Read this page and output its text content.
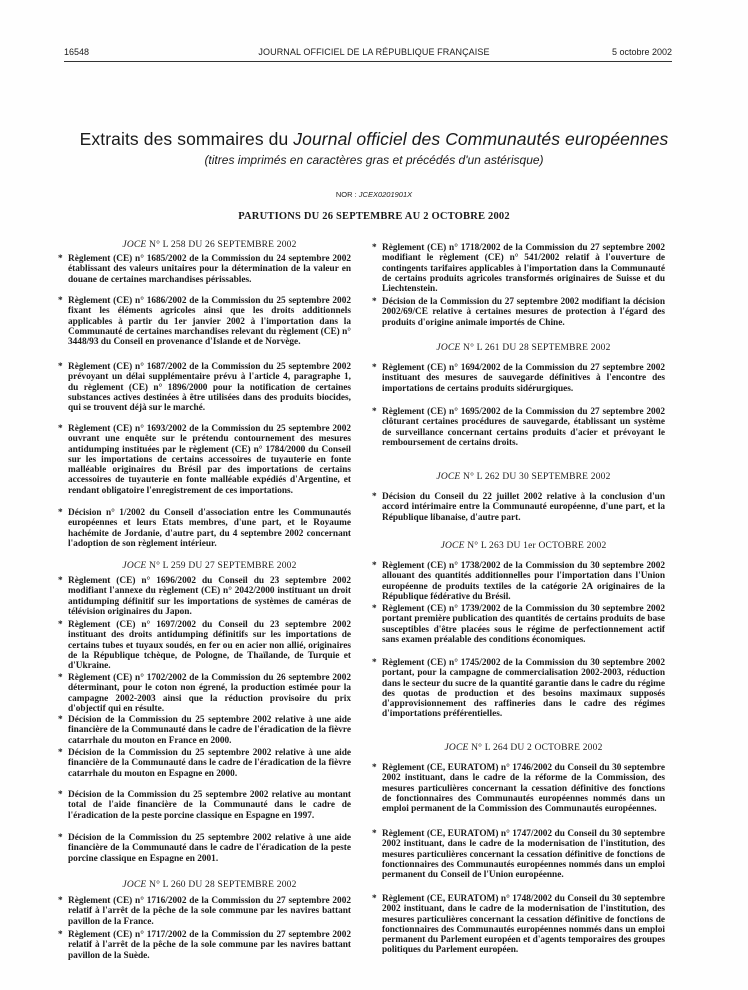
16548	JOURNAL OFFICIEL DE LA RÉPUBLIQUE FRANÇAISE	5 octobre 2002
Extraits des sommaires du Journal officiel des Communautés européennes
(titres imprimés en caractères gras et précédés d'un astérisque)
NOR : JCEX0201901X
PARUTIONS DU 26 SEPTEMBRE AU 2 OCTOBRE 2002
JOCE N° L 258 DU 26 SEPTEMBRE 2002
* Règlement (CE) n° 1685/2002 de la Commission du 24 septembre 2002 établissant des valeurs unitaires pour la détermination de la valeur en douane de certaines marchandises périssables.
* Règlement (CE) n° 1686/2002 de la Commission du 25 septembre 2002 fixant les éléments agricoles ainsi que les droits additionnels applicables à partir du 1er janvier 2002 à l'importation dans la Communauté de certaines marchandises relevant du règlement (CE) n° 3448/93 du Conseil en provenance d'Islande et de Norvège.
* Règlement (CE) n° 1687/2002 de la Commission du 25 septembre 2002 prévoyant un délai supplémentaire prévu à l'article 4, paragraphe 1, du règlement (CE) n° 1896/2000 pour la notification de certaines substances actives destinées à être utilisées dans des produits biocides, qui se trouvent déjà sur le marché.
* Règlement (CE) n° 1693/2002 de la Commission du 25 septembre 2002 ouvrant une enquête sur le prétendu contournement des mesures antidumping instituées par le règlement (CE) n° 1784/2000 du Conseil sur les importations de certains accessoires de tuyauterie en fonte malléable originaires du Brésil par des importations de certains accessoires de tuyauterie en fonte malléable expédiés d'Argentine, et rendant obligatoire l'enregistrement de ces importations.
* Décision n° 1/2002 du Conseil d'association entre les Communautés européennes et leurs Etats membres, d'une part, et le Royaume hachémite de Jordanie, d'autre part, du 4 septembre 2002 concernant l'adoption de son règlement intérieur.
JOCE N° L 259 DU 27 SEPTEMBRE 2002
* Règlement (CE) n° 1696/2002 du Conseil du 23 septembre 2002 modifiant l'annexe du règlement (CE) n° 2042/2000 instituant un droit antidumping définitif sur les importations de systèmes de caméras de télévision originaires du Japon.
* Règlement (CE) n° 1697/2002 du Conseil du 23 septembre 2002 instituant des droits antidumping définitifs sur les importations de certains tubes et tuyaux soudés, en fer ou en acier non allié, originaires de la République tchèque, de Pologne, de Thaïlande, de Turquie et d'Ukraine.
* Règlement (CE) n° 1702/2002 de la Commission du 26 septembre 2002 déterminant, pour le coton non égrené, la production estimée pour la campagne 2002-2003 ainsi que la réduction provisoire du prix d'objectif qui en résulte.
* Décision de la Commission du 25 septembre 2002 relative à une aide financière de la Communauté dans le cadre de l'éradication de la fièvre catarrhale du mouton en France en 2000.
* Décision de la Commission du 25 septembre 2002 relative à une aide financière de la Communauté dans le cadre de l'éradication de la fièvre catarrhale du mouton en Espagne en 2000.
* Décision de la Commission du 25 septembre 2002 relative au montant total de l'aide financière de la Communauté dans le cadre de l'éradication de la peste porcine classique en Espagne en 1997.
* Décision de la Commission du 25 septembre 2002 relative à une aide financière de la Communauté dans le cadre de l'éradication de la peste porcine classique en Espagne en 2001.
JOCE N° L 260 DU 28 SEPTEMBRE 2002
* Règlement (CE) n° 1716/2002 de la Commission du 27 septembre 2002 relatif à l'arrêt de la pêche de la sole commune par les navires battant pavillon de la France.
* Règlement (CE) n° 1717/2002 de la Commission du 27 septembre 2002 relatif à l'arrêt de la pêche de la sole commune par les navires battant pavillon de la Suède.
* Règlement (CE) n° 1718/2002 de la Commission du 27 septembre 2002 modifiant le règlement (CE) n° 541/2002 relatif à l'ouverture de contingents tarifaires applicables à l'importation dans la Communauté de certains produits agricoles transformés originaires de Suisse et du Liechtenstein.
* Décision de la Commission du 27 septembre 2002 modifiant la décision 2002/69/CE relative à certaines mesures de protection à l'égard des produits d'origine animale importés de Chine.
JOCE N° L 261 DU 28 SEPTEMBRE 2002
* Règlement (CE) n° 1694/2002 de la Commission du 27 septembre 2002 instituant des mesures de sauvegarde définitives à l'encontre des importations de certains produits sidérurgiques.
* Règlement (CE) n° 1695/2002 de la Commission du 27 septembre 2002 clôturant certaines procédures de sauvegarde, établissant un système de surveillance concernant certains produits d'acier et prévoyant le remboursement de certains droits.
JOCE N° L 262 DU 30 SEPTEMBRE 2002
* Décision du Conseil du 22 juillet 2002 relative à la conclusion d'un accord intérimaire entre la Communauté européenne, d'une part, et la République libanaise, d'autre part.
JOCE N° L 263 DU 1er OCTOBRE 2002
* Règlement (CE) n° 1738/2002 de la Commission du 30 septembre 2002 allouant des quantités additionnelles pour l'importation dans l'Union européenne de produits textiles de la catégorie 2A originaires de la République fédérative du Brésil.
* Règlement (CE) n° 1739/2002 de la Commission du 30 septembre 2002 portant première publication des quantités de certains produits de base susceptibles d'être placées sous le régime de perfectionnement actif sans examen préalable des conditions économiques.
* Règlement (CE) n° 1745/2002 de la Commission du 30 septembre 2002 portant, pour la campagne de commercialisation 2002-2003, réduction dans le secteur du sucre de la quantité garantie dans le cadre du régime des quotas de production et des besoins maximaux supposés d'approvisionnement des raffineries dans le cadre des régimes d'importations préférentielles.
JOCE N° L 264 DU 2 OCTOBRE 2002
* Règlement (CE, EURATOM) n° 1746/2002 du Conseil du 30 septembre 2002 instituant, dans le cadre de la réforme de la Commission, des mesures particulières concernant la cessation définitive des fonctions de fonctionnaires des Communautés européennes nommés dans un emploi permanent de la Commission des Communautés européennes.
* Règlement (CE, EURATOM) n° 1747/2002 du Conseil du 30 septembre 2002 instituant, dans le cadre de la modernisation de l'institution, des mesures particulières concernant la cessation définitive de fonctions de fonctionnaires des Communautés européennes nommés dans un emploi permanent du Conseil de l'Union européenne.
* Règlement (CE, EURATOM) n° 1748/2002 du Conseil du 30 septembre 2002 instituant, dans le cadre de la modernisation de l'institution, des mesures particulières concernant la cessation définitive de fonctions de fonctionnaires des Communautés européennes nommés dans un emploi permanent du Parlement européen et d'agents temporaires des groupes politiques du Parlement européen.
